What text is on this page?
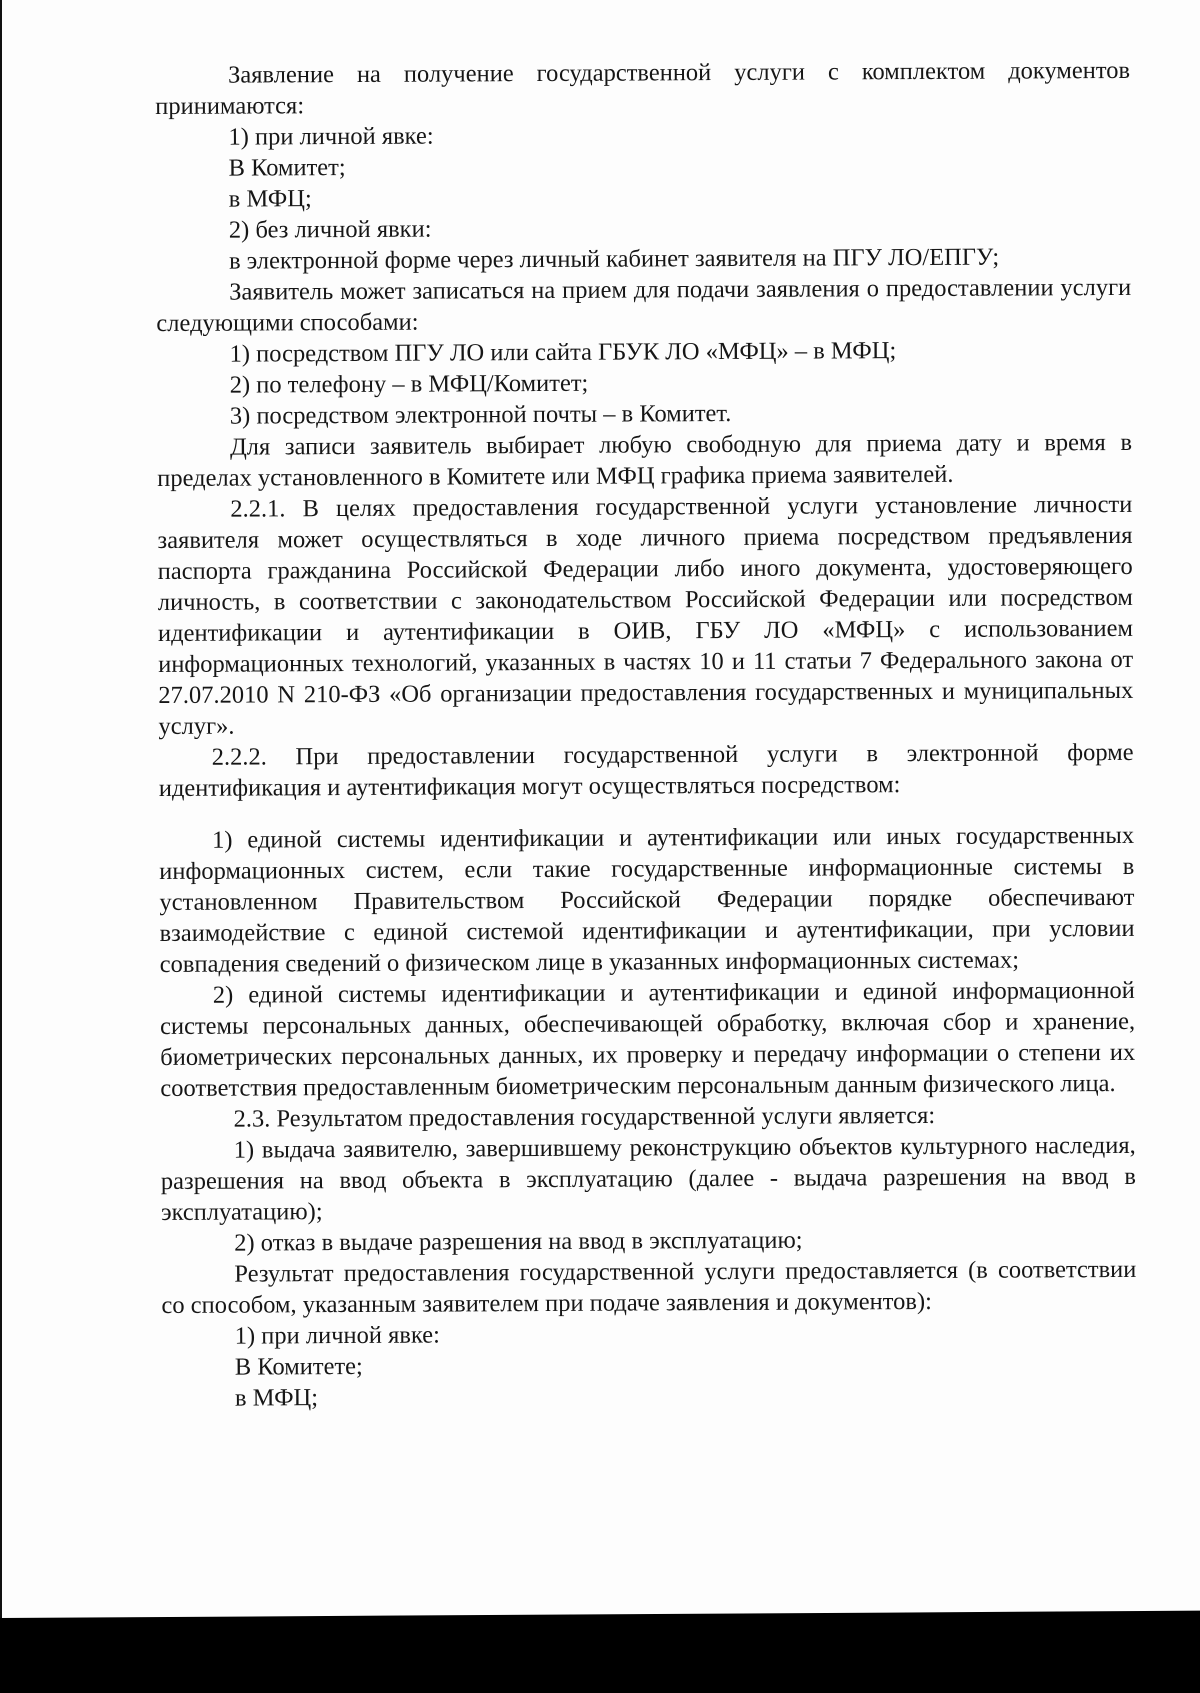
Заявление на получение государственной услуги с комплектом документов принимаются:

1) при личной явке:

В Комитет;

в МФЦ;

2) без личной явки:

в электронной форме через личный кабинет заявителя на ПГУ ЛО/ЕПГУ;

Заявитель может записаться на прием для подачи заявления о предоставлении услуги следующими способами:

1) посредством ПГУ ЛО или сайта ГБУК ЛО «МФЦ» – в МФЦ;

2) по телефону – в МФЦ/Комитет;

3) посредством электронной почты – в Комитет.

Для записи заявитель выбирает любую свободную для приема дату и время в пределах установленного в Комитете или МФЦ графика приема заявителей.

2.2.1. В целях предоставления государственной услуги установление личности заявителя может осуществляться в ходе личного приема посредством предъявления паспорта гражданина Российской Федерации либо иного документа, удостоверяющего личность, в соответствии с законодательством Российской Федерации или посредством идентификации и аутентификации в ОИВ, ГБУ ЛО «МФЦ» с использованием информационных технологий, указанных в частях 10 и 11 статьи 7 Федерального закона от 27.07.2010 N 210-ФЗ «Об организации предоставления государственных и муниципальных услуг».

2.2.2. При предоставлении государственной услуги в электронной форме идентификация и аутентификация могут осуществляться посредством:

1) единой системы идентификации и аутентификации или иных государственных информационных систем, если такие государственные информационные системы в установленном Правительством Российской Федерации порядке обеспечивают взаимодействие с единой системой идентификации и аутентификации, при условии совпадения сведений о физическом лице в указанных информационных системах;

2) единой системы идентификации и аутентификации и единой информационной системы персональных данных, обеспечивающей обработку, включая сбор и хранение, биометрических персональных данных, их проверку и передачу информации о степени их соответствия предоставленным биометрическим персональным данным физического лица.

2.3. Результатом предоставления государственной услуги является:

1) выдача заявителю, завершившему реконструкцию объектов культурного наследия, разрешения на ввод объекта в эксплуатацию (далее - выдача разрешения на ввод в эксплуатацию);

2) отказ в выдаче разрешения на ввод в эксплуатацию;

Результат предоставления государственной услуги предоставляется (в соответствии со способом, указанным заявителем при подаче заявления и документов):

1) при личной явке:

В Комитете;

в МФЦ;
